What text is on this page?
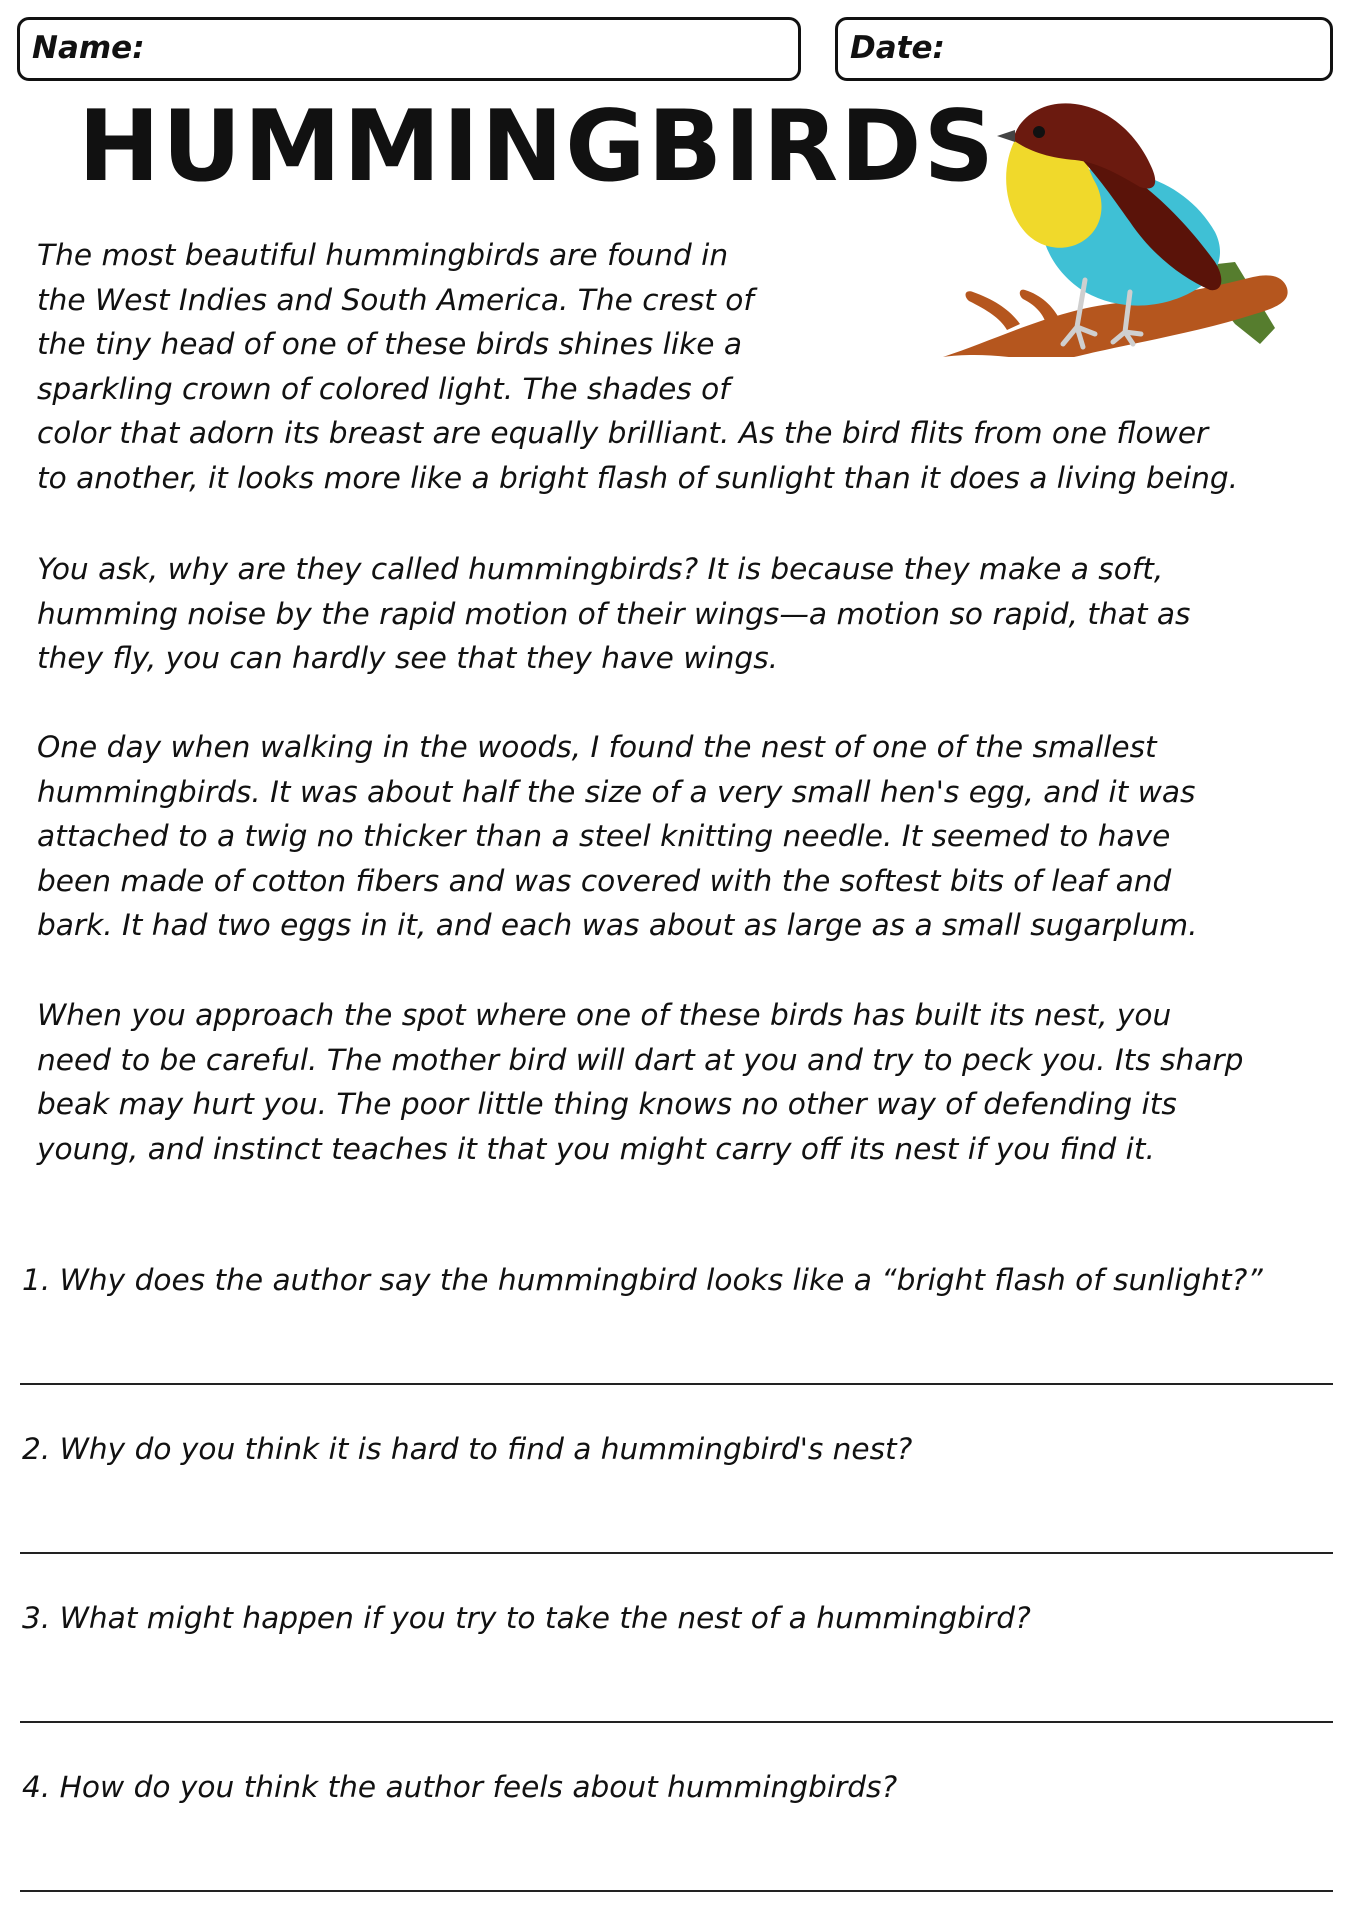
Name:	Date:
HUMMINGBIRDS

The most beautiful hummingbirds are found in
the West Indies and South America. The crest of
the tiny head of one of these birds shines like a
sparkling crown of colored light. The shades of
color that adorn its breast are equally brilliant. As the bird flits from one flower
to another, it looks more like a bright flash of sunlight than it does a living being.

You ask, why are they called hummingbirds? It is because they make a soft,
humming noise by the rapid motion of their wings—a motion so rapid, that as
they fly, you can hardly see that they have wings.

One day when walking in the woods, I found the nest of one of the smallest
hummingbirds. It was about half the size of a very small hen's egg, and it was
attached to a twig no thicker than a steel knitting needle. It seemed to have
been made of cotton fibers and was covered with the softest bits of leaf and
bark. It had two eggs in it, and each was about as large as a small sugarplum.

When you approach the spot where one of these birds has built its nest, you
need to be careful. The mother bird will dart at you and try to peck you. Its sharp
beak may hurt you. The poor little thing knows no other way of defending its
young, and instinct teaches it that you might carry off its nest if you find it.

1. Why does the author say the hummingbird looks like a “bright flash of sunlight?”

2. Why do you think it is hard to find a hummingbird's nest?

3. What might happen if you try to take the nest of a hummingbird?

4. How do you think the author feels about hummingbirds?
